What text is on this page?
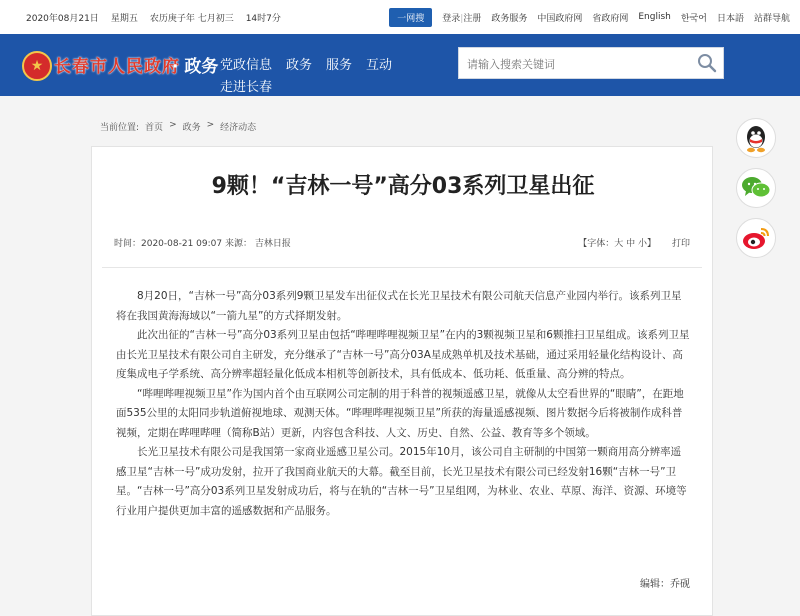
2020年08月21日 星期五 农历庚子年 七月初三 14时7分	一网搜	登录|注册 政务服务 中国政府网 省政府网 English 한국어 日本語 站群导航
★ 长春市人民政府
· 政务 党政信息 政务 服务 互动
走进长春
请输入搜索关键词
当前位置: 首页 > 政务 > 经济动态
9颗！“吉林一号”高分03系列卫星出征
时间：2020-08-21 09:07 来源： 吉林日报	【字体：大 中 小】 打印

8月20日，“吉林一号”高分03系列9颗卫星发车出征仪式在长光卫星技术有限公司航天信息产业园内举行。该系列卫星将在我国黄海海域以“一箭九星”的方式择期发射。

此次出征的“吉林一号”高分03系列卫星由包括“哔哩哔哩视频卫星”在内的3颗视频卫星和6颗推扫卫星组成。该系列卫星由长光卫星技术有限公司自主研发，充分继承了“吉林一号”高分03A星成熟单机及技术基础，通过采用轻量化结构设计、高度集成电子学系统、高分辨率超轻量化低成本相机等创新技术，具有低成本、低功耗、低重量、高分辨的特点。

“哔哩哔哩视频卫星”作为国内首个由互联网公司定制的用于科普的视频遥感卫星，就像从太空看世界的“眼睛”，在距地面535公里的太阳同步轨道俯视地球、观测天体。“哔哩哔哩视频卫星”所获的海量遥感视频、图片数据今后将被制作成科普视频，定期在哔哩哔哩（简称B站）更新，内容包含科技、人文、历史、自然、公益、教育等多个领域。

长光卫星技术有限公司是我国第一家商业遥感卫星公司。2015年10月，该公司自主研制的中国第一颗商用高分辨率遥感卫星“吉林一号”成功发射，拉开了我国商业航天的大幕。截至目前，长光卫星技术有限公司已经发射16颗“吉林一号”卫星。“吉林一号”高分03系列卫星发射成功后，将与在轨的“吉林一号”卫星组网，为林业、农业、草原、海洋、资源、环境等行业用户提供更加丰富的遥感数据和产品服务。

编辑：乔砚
